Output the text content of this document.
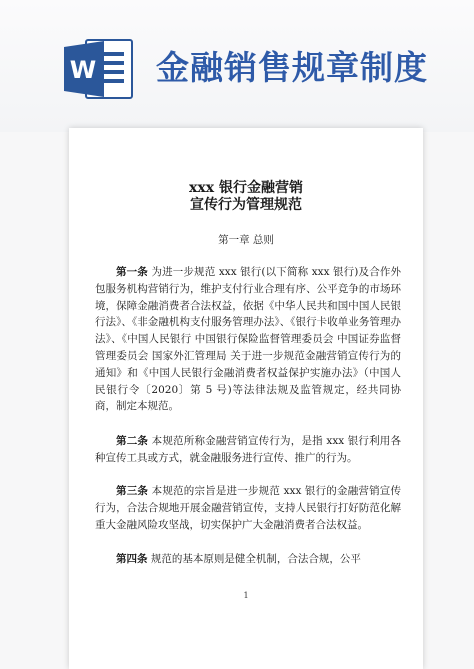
W 金融销售规章制度
xxx 银行金融营销
宣传行为管理规范
第一章 总则

第一条 为进一步规范 xxx 银行(以下简称 xxx 银行)及合作外包服务机构营销行为，维护支付行业合理有序、公平竞争的市场环境，保障金融消费者合法权益，依据《中华人民共和国中国人民银行法》、《非金融机构支付服务管理办法》、《银行卡收单业务管理办法》、《中国人民银行 中国银行保险监督管理委员会 中国证券监督管理委员会 国家外汇管理局 关于进一步规范金融营销宣传行为的通知》和《中国人民银行金融消费者权益保护实施办法》（中国人民银行令〔2020〕第 5 号)等法律法规及监管规定，经共同协商，制定本规范。

第二条 本规范所称金融营销宣传行为，是指 xxx 银行利用各种宣传工具或方式，就金融服务进行宣传、推广的行为。

第三条 本规范的宗旨是进一步规范 xxx 银行的金融营销宣传行为，合法合规地开展金融营销宣传，支持人民银行打好防范化解重大金融风险攻坚战，切实保护广大金融消费者合法权益。

第四条 规范的基本原则是健全机制，合法合规，公平

1
